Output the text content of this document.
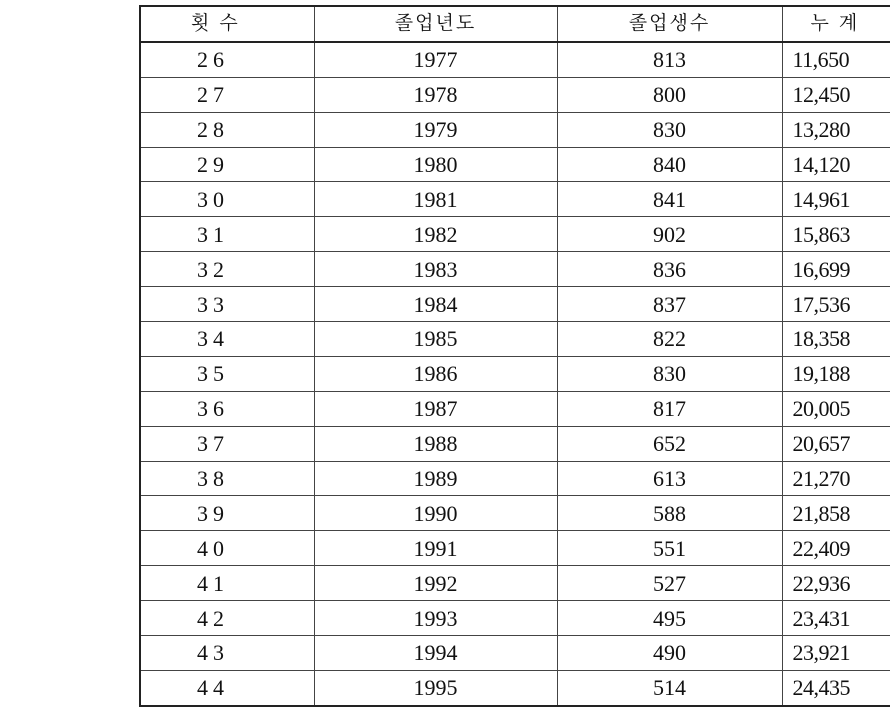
횟 수	졸업년도	졸업생수	누 계
26	1977	813	11,650
27	1978	800	12,450
28	1979	830	13,280
29	1980	840	14,120
30	1981	841	14,961
31	1982	902	15,863
32	1983	836	16,699
33	1984	837	17,536
34	1985	822	18,358
35	1986	830	19,188
36	1987	817	20,005
37	1988	652	20,657
38	1989	613	21,270
39	1990	588	21,858
40	1991	551	22,409
41	1992	527	22,936
42	1993	495	23,431
43	1994	490	23,921
44	1995	514	24,435
